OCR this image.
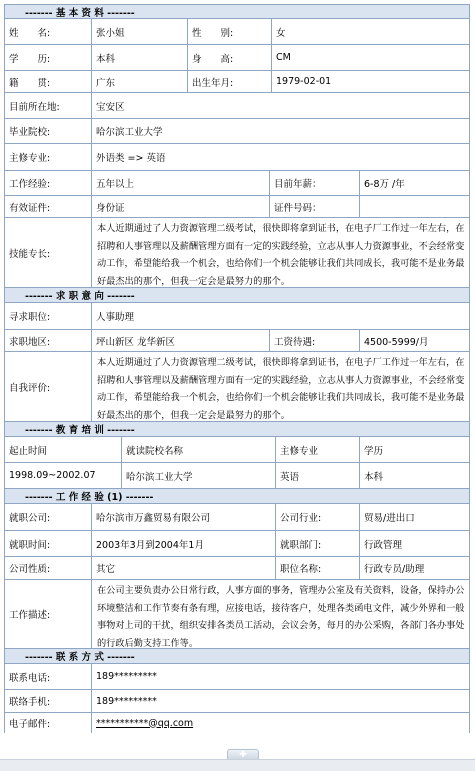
------- 基 本 资 料 -------
姓　　名:	张小姐	性　　别:	女
学　　历:	本科	身　　高:	CM
籍　　贯:	广东	出生年月:	1979-02-01
目前所在地:	宝安区
毕业院校:	哈尔滨工业大学
主修专业:	外语类 => 英语
工作经验:	五年以上	目前年薪：	6-8万 /年
有效证件:	身份证	证件号码：
技能专长:
本人近期通过了人力资源管理二级考试，很快即将拿到证书，在电子厂工作过一年左右，在招聘和人事管理以及薪酬管理方面有一定的实践经验，立志从事人力资源事业，不会经常变动工作，希望能给我一个机会，也给你们一个机会能够让我们共同成长，我可能不是业务最好最杰出的那个，但我一定会是最努力的那个。
------- 求 职 意 向 -------
寻求职位:	人事助理
求职地区:	坪山新区 龙华新区	工资待遇:	4500-5999/月
自我评价:
本人近期通过了人力资源管理二级考试，很快即将拿到证书，在电子厂工作过一年左右，在招聘和人事管理以及薪酬管理方面有一定的实践经验，立志从事人力资源事业，不会经常变动工作，希望能给我一个机会，也给你们一个机会能够让我们共同成长，我可能不是业务最好最杰出的那个，但我一定会是最努力的那个。
------- 教 育 培 训 -------
起止时间	就读院校名称	主修专业	学历
1998.09~2002.07	哈尔滨工业大学	英语	本科
------- 工 作 经 验 (1) -------
就职公司:	哈尔滨市万鑫贸易有限公司	公司行业:	贸易/进出口
就职时间:	2003年3月到2004年1月	就职部门:	行政管理
公司性质:	其它	职位名称:	行政专员/助理
工作描述:
在公司主要负责办公日常行政，人事方面的事务，管理办公室及有关资料，设备，保持办公环境整洁和工作节奏有条有理，应接电话，接待客户，处理各类函电文件，减少外界和一般事物对上司的干扰，组织安排各类员工活动，会议会务，每月的办公采购，各部门各办事处的行政后勤支持工作等。
------- 联 系 方 式 -------
联系电话:	189*********
联络手机:	189*********
电子邮件:	***********@qq.com
✚
